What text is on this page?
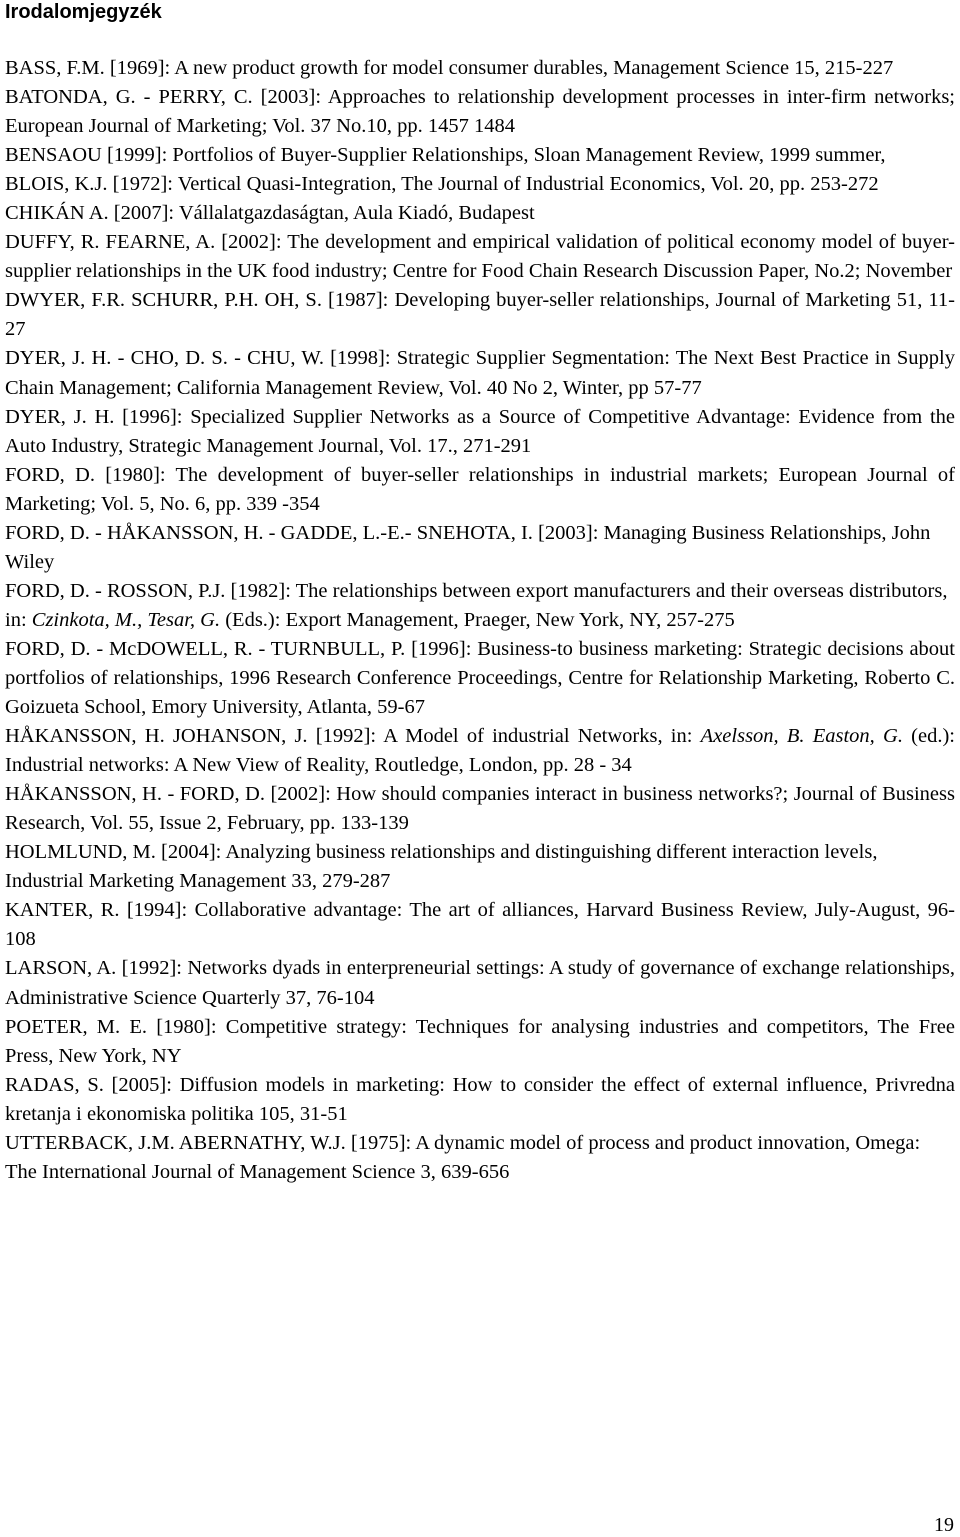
Irodalomjegyzék

BASS, F.M. [1969]: A new product growth for model consumer durables, Management Science 15, 215-227

BATONDA, G. - PERRY, C. [2003]: Approaches to relationship development processes in inter-firm networks; European Journal of Marketing; Vol. 37 No.10, pp. 1457 1484

BENSAOU [1999]: Portfolios of Buyer-Supplier Relationships, Sloan Management Review, 1999 summer,

BLOIS, K.J. [1972]: Vertical Quasi-Integration, The Journal of Industrial Economics, Vol. 20, pp. 253-272

CHIKÁN A. [2007]: Vállalatgazdaságtan, Aula Kiadó, Budapest

DUFFY, R. FEARNE, A. [2002]: The development and empirical validation of political economy model of buyer-supplier relationships in the UK food industry; Centre for Food Chain Research Discussion Paper, No.2; November

DWYER, F.R. SCHURR, P.H. OH, S. [1987]: Developing buyer-seller relationships, Journal of Marketing 51, 11-27

DYER, J. H. - CHO, D. S. - CHU, W. [1998]: Strategic Supplier Segmentation: The Next Best Practice in Supply Chain Management; California Management Review, Vol. 40 No 2, Winter, pp 57-77

DYER, J. H. [1996]: Specialized Supplier Networks as a Source of Competitive Advantage: Evidence from the Auto Industry, Strategic Management Journal, Vol. 17., 271-291

FORD, D. [1980]: The development of buyer-seller relationships in industrial markets; European Journal of Marketing; Vol. 5, No. 6, pp. 339 -354

FORD, D. - HÅKANSSON, H. - GADDE, L.-E.- SNEHOTA, I. [2003]: Managing Business Relationships, John Wiley

FORD, D. - ROSSON, P.J. [1982]: The relationships between export manufacturers and their overseas distributors, in: Czinkota, M., Tesar, G. (Eds.): Export Management, Praeger, New York, NY, 257-275

FORD, D. - McDOWELL, R. - TURNBULL, P. [1996]: Business-to business marketing: Strategic decisions about portfolios of relationships, 1996 Research Conference Proceedings, Centre for Relationship Marketing, Roberto C. Goizueta School, Emory University, Atlanta, 59-67

HÅKANSSON, H. JOHANSON, J. [1992]: A Model of industrial Networks, in: Axelsson, B. Easton, G. (ed.): Industrial networks: A New View of Reality, Routledge, London, pp. 28 - 34

HÅKANSSON, H. - FORD, D. [2002]: How should companies interact in business networks?; Journal of Business Research, Vol. 55, Issue 2, February, pp. 133-139

HOLMLUND, M. [2004]: Analyzing business relationships and distinguishing different interaction levels, Industrial Marketing Management 33, 279-287

KANTER, R. [1994]: Collaborative advantage: The art of alliances, Harvard Business Review, July-August, 96-108

LARSON, A. [1992]: Networks dyads in enterpreneurial settings: A study of governance of exchange relationships, Administrative Science Quarterly 37, 76-104

POETER, M. E. [1980]: Competitive strategy: Techniques for analysing industries and competitors, The Free Press, New York, NY

RADAS, S. [2005]: Diffusion models in marketing: How to consider the effect of external influence, Privredna kretanja i ekonomiska politika 105, 31-51

UTTERBACK, J.M. ABERNATHY, W.J. [1975]: A dynamic model of process and product innovation, Omega: The International Journal of Management Science 3, 639-656

19
